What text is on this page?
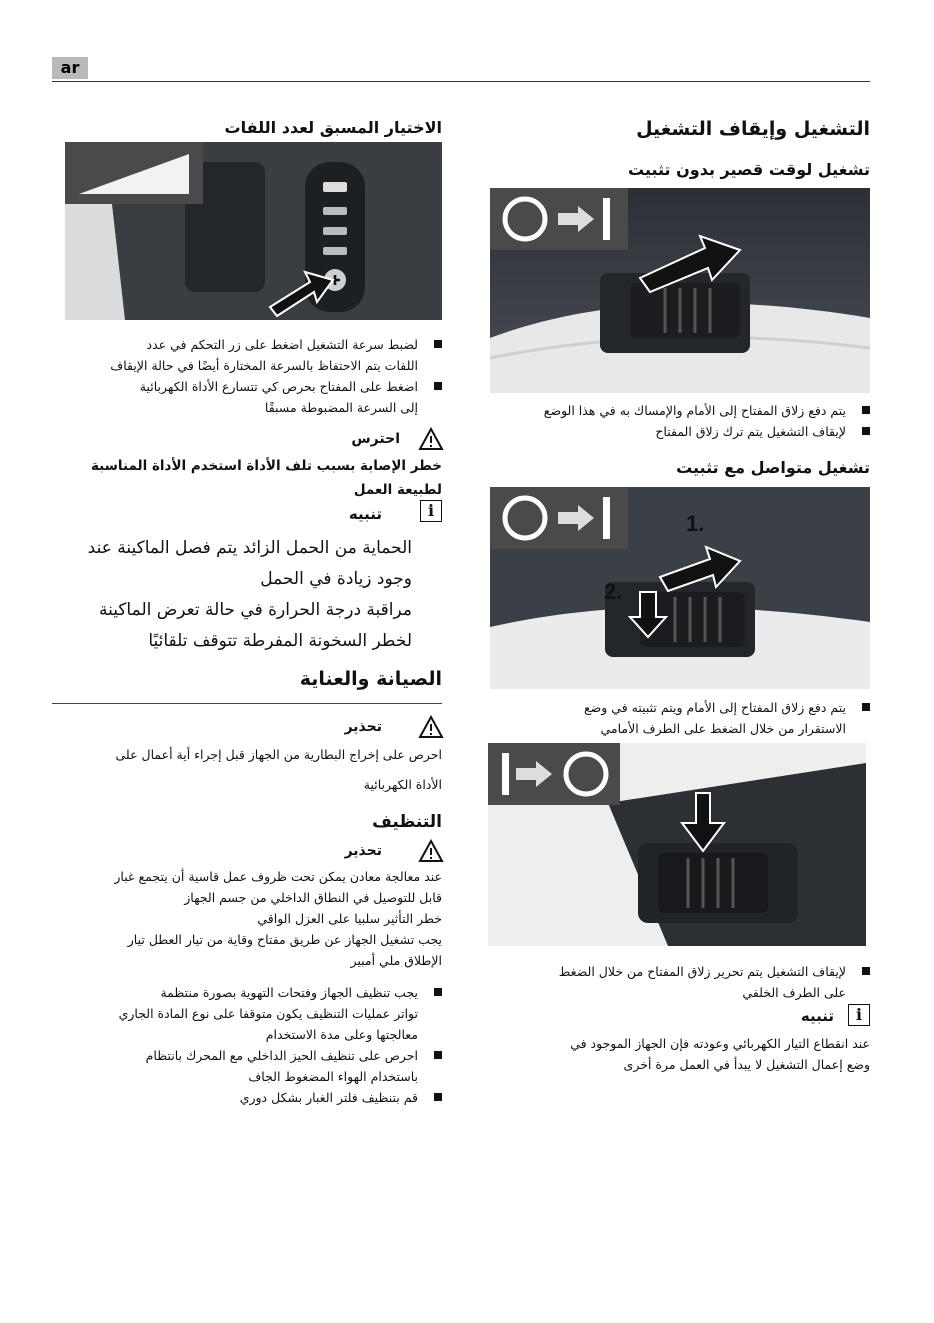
ar
التشغيل وإيقاف التشغيل
تشغيل لوقت قصير بدون تثبيت
يتم دفع زلاق المفتاح إلى الأمام والإمساك به في هذا الوضع
لإيقاف التشغيل يتم ترك زلاق المفتاح
تشغيل متواصل مع تثبيت
1.
2.
يتم دفع زلاق المفتاح إلى الأمام ويتم تثبيته في وضع
الاستقرار من خلال الضغط على الطرف الأمامي
لإيقاف التشغيل يتم تحرير زلاق المفتاح من خلال الضغط
على الطرف الخلفي
i
تنبيه
عند انقطاع التيار الكهربائي وعودته فإن الجهاز الموجود في
وضع إعمال التشغيل لا يبدأ في العمل مرة أخرى
الاختيار المسبق لعدد اللفات
لضبط سرعة التشغيل اضغط على زر التحكم في عدد
اللفات يتم الاحتفاظ بالسرعة المختارة أيضًا في حالة الإيقاف
اضغط على المفتاح بحرص كي تتسارع الأداة الكهربائية
إلى السرعة المضبوطة مسبقًا
احترس
خطر الإصابة بسبب تلف الأداة استخدم الأداة المناسبة
لطبيعة العمل
i
تنبيه
الحماية من الحمل الزائد يتم فصل الماكينة عند
وجود زيادة في الحمل
مراقبة درجة الحرارة في حالة تعرض الماكينة
لخطر السخونة المفرطة تتوقف تلقائيًا
الصيانة والعناية
تحذير
احرص على إخراج البطارية من الجهاز قبل إجراء أية أعمال على
الأداة الكهربائية
التنظيف
تحذير
عند معالجة معادن يمكن تحت ظروف عمل قاسية أن يتجمع غبار
قابل للتوصيل في النطاق الداخلي من جسم الجهاز
خطر التأثير سلبيا على العزل الواقي
يجب تشغيل الجهاز عن طريق مفتاح وقاية من تيار العطل تيار
الإطلاق ملي أمبير
يجب تنظيف الجهاز وفتحات التهوية بصورة منتظمة
تواتر عمليات التنظيف يكون متوقفا على نوع المادة الجاري
معالجتها وعلى مدة الاستخدام
احرص على تنظيف الحيز الداخلي مع المحرك بانتظام
باستخدام الهواء المضغوط الجاف
قم بتنظيف فلتر الغبار بشكل دوري
